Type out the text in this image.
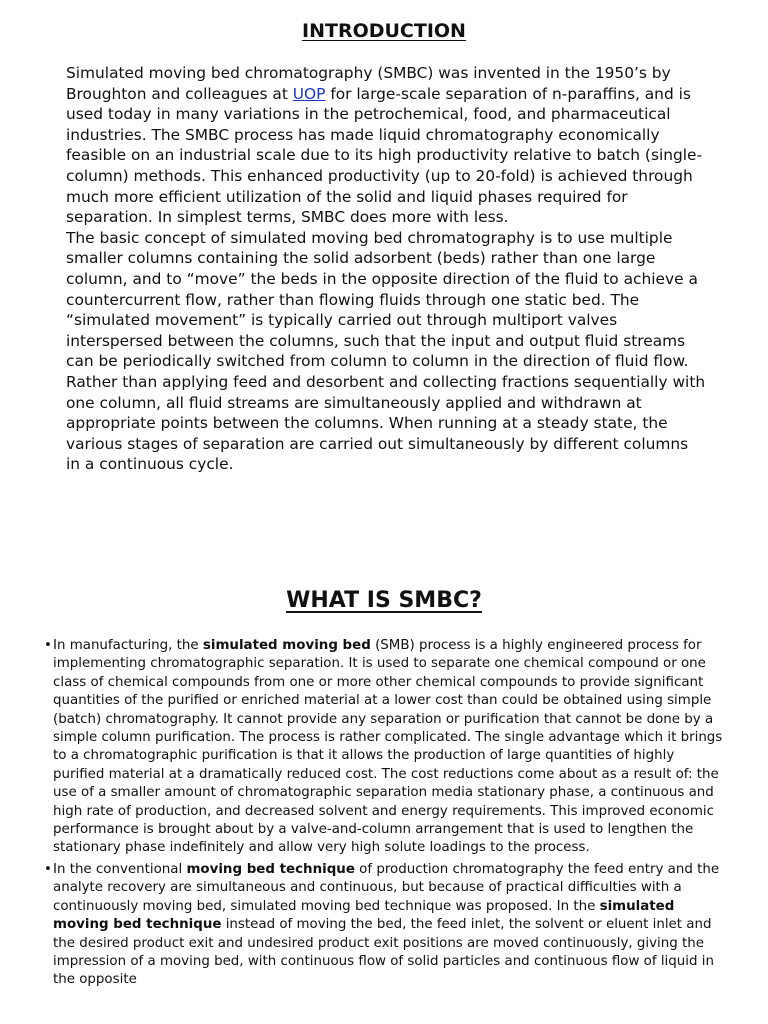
INTRODUCTION

Simulated moving bed chromatography (SMBC) was invented in the 1950’s by Broughton and colleagues at UOP for large-scale separation of n-paraffins, and is used today in many variations in the petrochemical, food, and pharmaceutical industries. The SMBC process has made liquid chromatography economically feasible on an industrial scale due to its high productivity relative to batch (single-column) methods. This enhanced productivity (up to 20-fold) is achieved through much more efficient utilization of the solid and liquid phases required for separation. In simplest terms, SMBC does more with less.

The basic concept of simulated moving bed chromatography is to use multiple smaller columns containing the solid adsorbent (beds) rather than one large column, and to “move” the beds in the opposite direction of the fluid to achieve a countercurrent flow, rather than flowing fluids through one static bed. The “simulated movement” is typically carried out through multiport valves interspersed between the columns, such that the input and output fluid streams can be periodically switched from column to column in the direction of fluid flow. Rather than applying feed and desorbent and collecting fractions sequentially with one column, all fluid streams are simultaneously applied and withdrawn at appropriate points between the columns. When running at a steady state, the various stages of separation are carried out simultaneously by different columns in a continuous cycle.

WHAT IS SMBC?
• In manufacturing, the simulated moving bed (SMB) process is a highly engineered process for implementing chromatographic separation. It is used to separate one chemical compound or one class of chemical compounds from one or more other chemical compounds to provide significant quantities of the purified or enriched material at a lower cost than could be obtained using simple (batch) chromatography. It cannot provide any separation or purification that cannot be done by a simple column purification. The process is rather complicated. The single advantage which it brings to a chromatographic purification is that it allows the production of large quantities of highly purified material at a dramatically reduced cost. The cost reductions come about as a result of: the use of a smaller amount of chromatographic separation media stationary phase, a continuous and high rate of production, and decreased solvent and energy requirements. This improved economic performance is brought about by a valve-and-column arrangement that is used to lengthen the stationary phase indefinitely and allow very high solute loadings to the process.
• In the conventional moving bed technique of production chromatography the feed entry and the analyte recovery are simultaneous and continuous, but because of practical difficulties with a continuously moving bed, simulated moving bed technique was proposed. In the simulated moving bed technique instead of moving the bed, the feed inlet, the solvent or eluent inlet and the desired product exit and undesired product exit positions are moved continuously, giving the impression of a moving bed, with continuous flow of solid particles and continuous flow of liquid in the opposite
